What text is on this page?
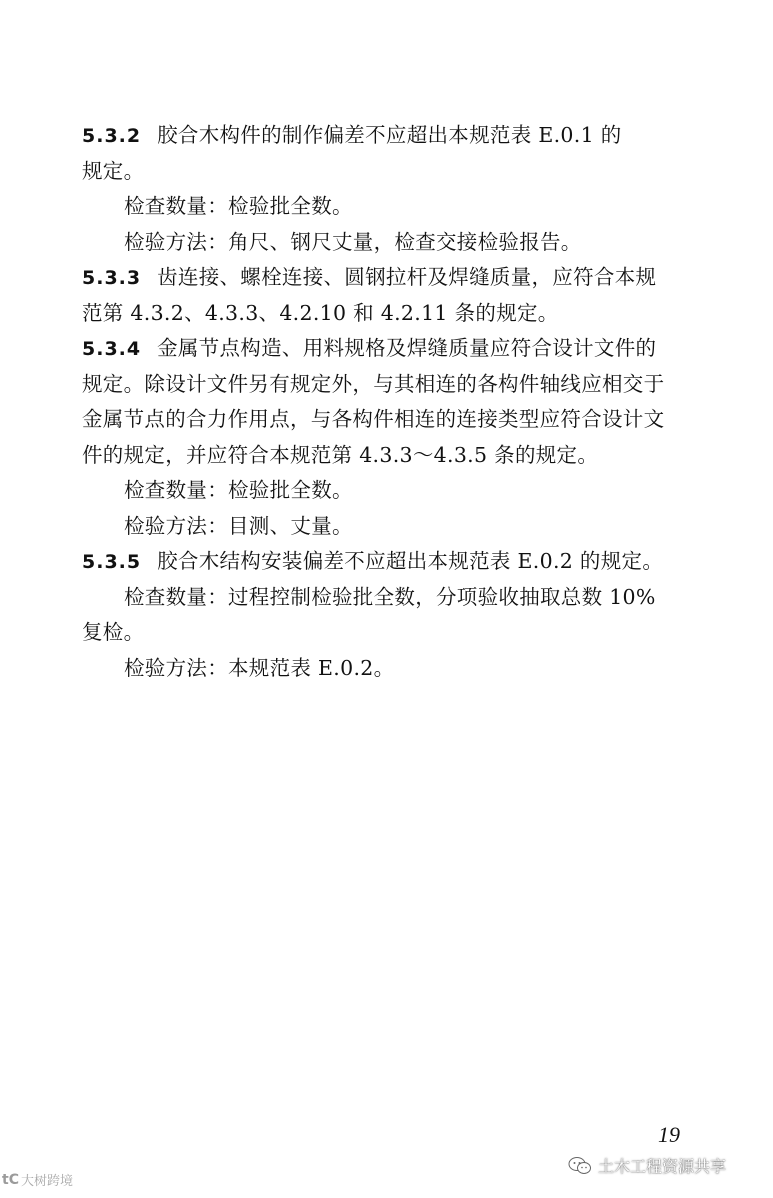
5.3.2 胶合木构件的制作偏差不应超出本规范表 E.0.1 的
规定。
检查数量：检验批全数。
检验方法：角尺、钢尺丈量，检查交接检验报告。
5.3.3 齿连接、螺栓连接、圆钢拉杆及焊缝质量，应符合本规
范第 4.3.2、4.3.3、4.2.10 和 4.2.11 条的规定。
5.3.4 金属节点构造、用料规格及焊缝质量应符合设计文件的
规定。除设计文件另有规定外，与其相连的各构件轴线应相交于
金属节点的合力作用点，与各构件相连的连接类型应符合设计文
件的规定，并应符合本规范第 4.3.3～4.3.5 条的规定。
检查数量：检验批全数。
检验方法：目测、丈量。
5.3.5 胶合木结构安装偏差不应超出本规范表 E.0.2 的规定。
检查数量：过程控制检验批全数，分项验收抽取总数 10%
复检。
检验方法：本规范表 E.0.2。
19
tC 大树跨境
土木工程资源共享
